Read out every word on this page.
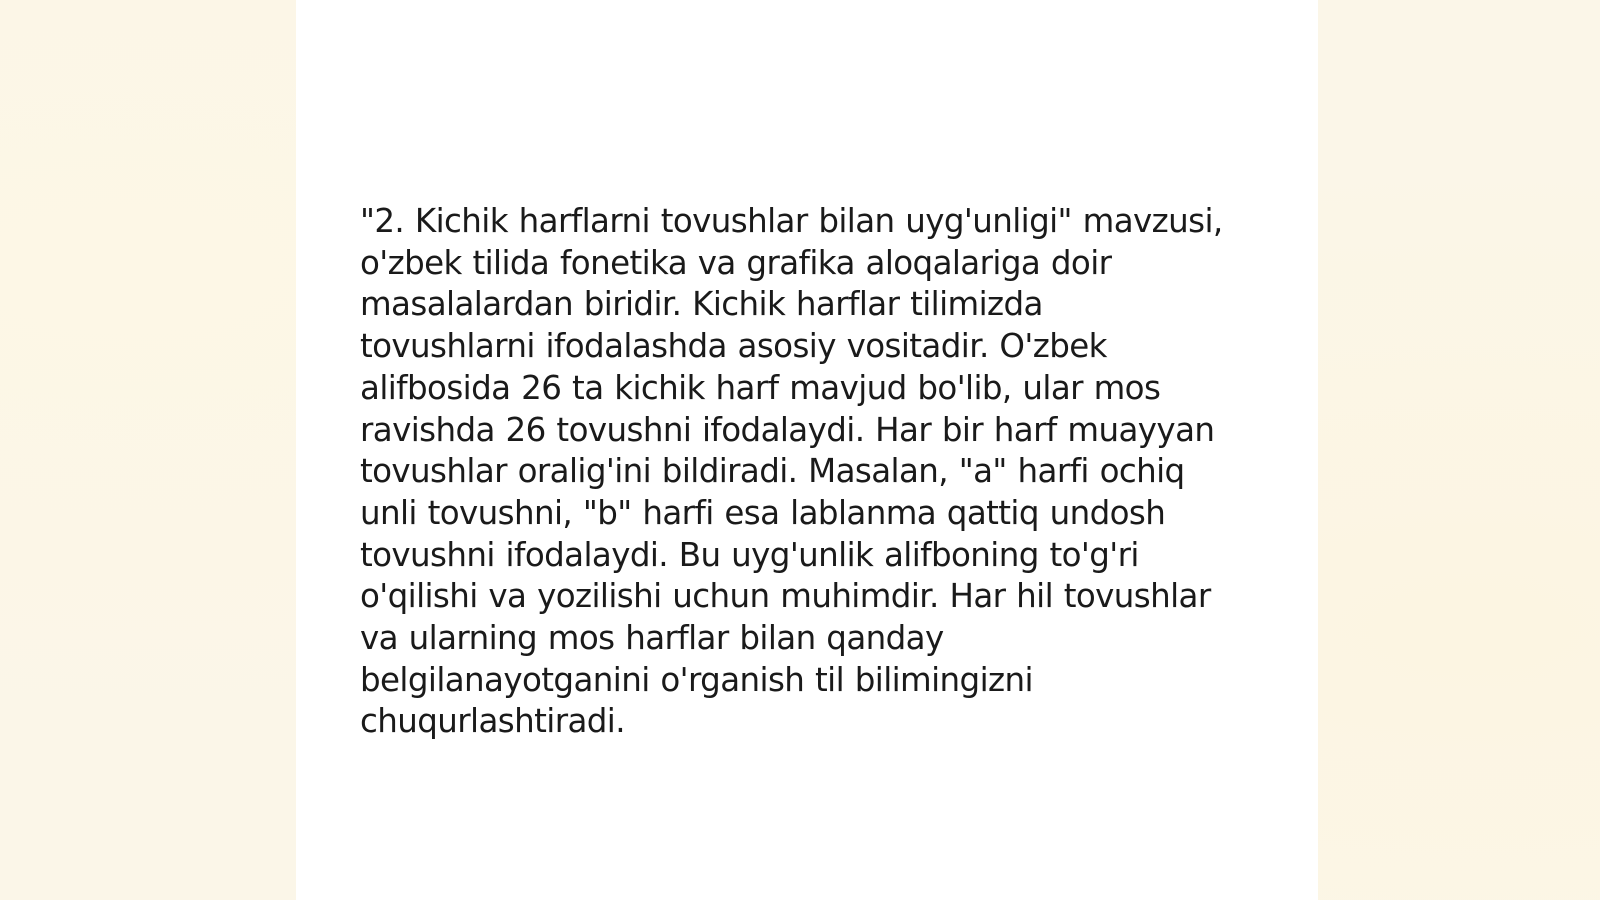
"2. Kichik harflarni tovushlar bilan uyg'unligi" mavzusi,
o'zbek tilida fonetika va grafika aloqalariga doir
masalalardan biridir. Kichik harflar tilimizda
tovushlarni ifodalashda asosiy vositadir. O'zbek
alifbosida 26 ta kichik harf mavjud bo'lib, ular mos
ravishda 26 tovushni ifodalaydi. Har bir harf muayyan
tovushlar oralig'ini bildiradi. Masalan, "a" harfi ochiq
unli tovushni, "b" harfi esa lablanma qattiq undosh
tovushni ifodalaydi. Bu uyg'unlik alifboning to'g'ri
o'qilishi va yozilishi uchun muhimdir. Har hil tovushlar
va ularning mos harflar bilan qanday
belgilanayotganini o'rganish til bilimingizni
chuqurlashtiradi.
